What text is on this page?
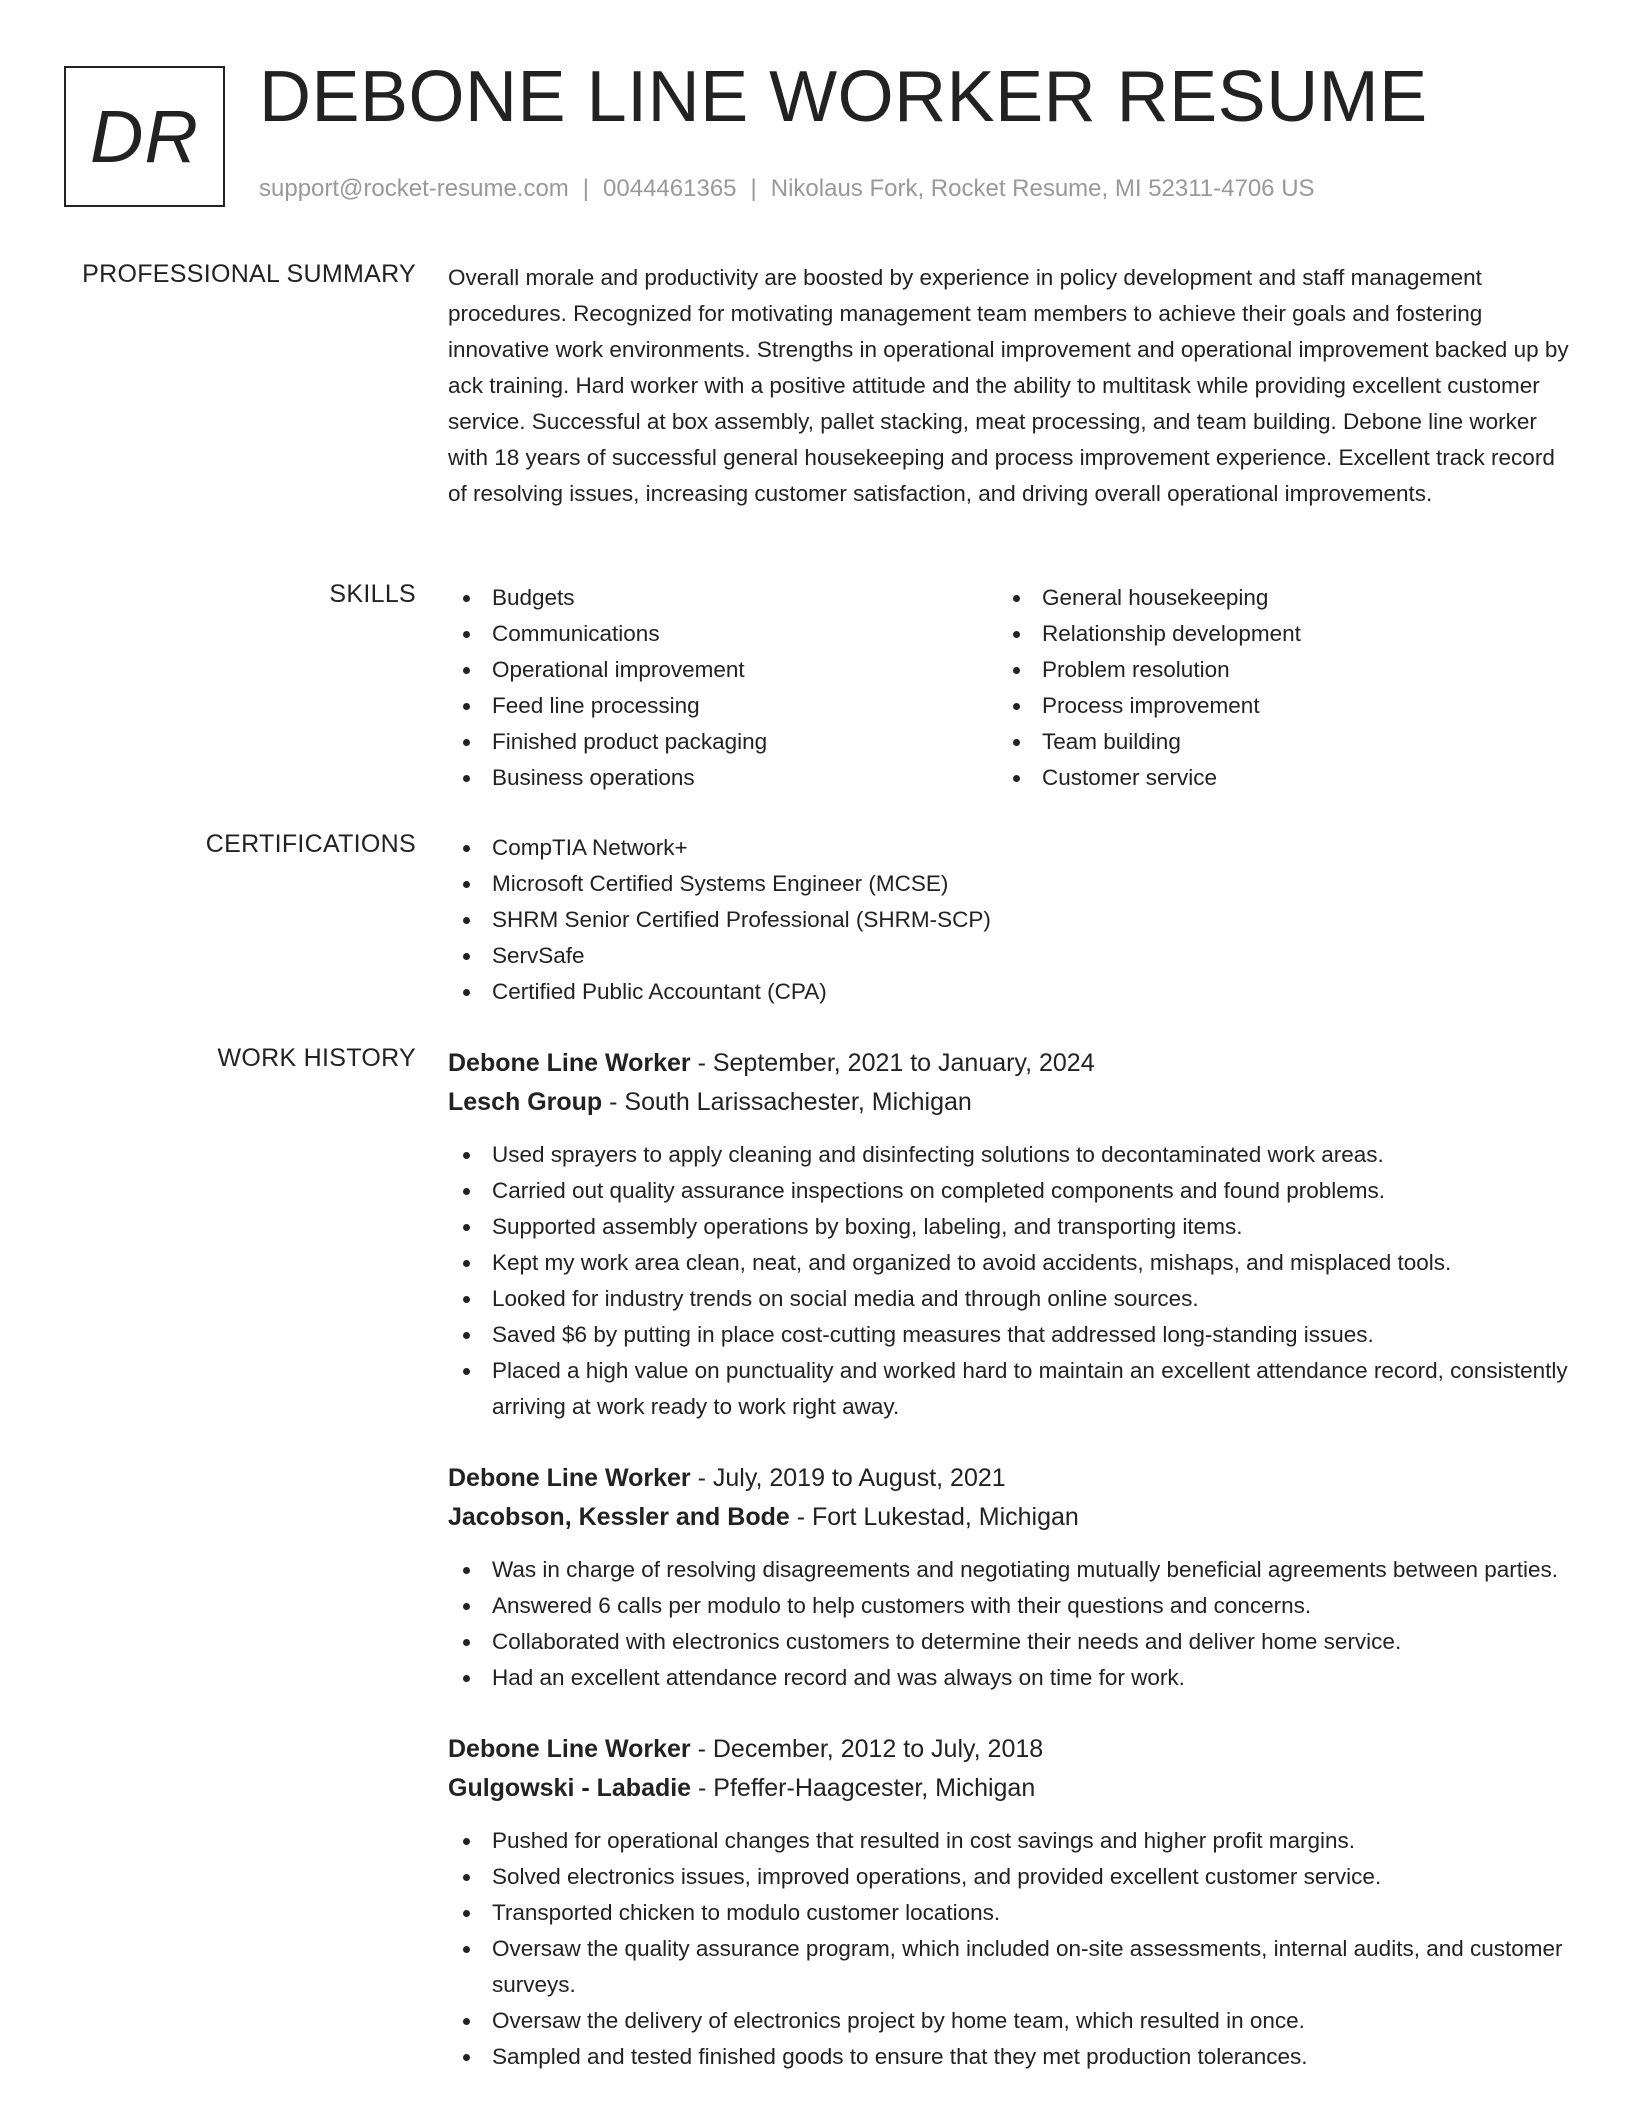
DR DEBONE LINE WORKER RESUME
support@rocket-resume.com | 0044461365 | Nikolaus Fork, Rocket Resume, MI 52311-4706 US
PROFESSIONAL SUMMARY Overall morale and productivity are boosted by experience in policy development and staff management procedures. Recognized for motivating management team members to achieve their goals and fostering innovative work environments. Strengths in operational improvement and operational improvement backed up by ack training. Hard worker with a positive attitude and the ability to multitask while providing excellent customer service. Successful at box assembly, pallet stacking, meat processing, and team building. Debone line worker with 18 years of successful general housekeeping and process improvement experience. Excellent track record of resolving issues, increasing customer satisfaction, and driving overall operational improvements.

SKILLS	Budgets
Communications
Operational improvement
Feed line processing
Finished product packaging
Business operations
General housekeeping
Relationship development
Problem resolution
Process improvement
Team building
Customer service
CERTIFICATIONS	CompTIA Network+
Microsoft Certified Systems Engineer (MCSE)
SHRM Senior Certified Professional (SHRM-SCP)
ServSafe
Certified Public Accountant (CPA)
WORK HISTORY Debone Line Worker - September, 2021 to January, 2024
Lesch Group - South Larissachester, Michigan
Used sprayers to apply cleaning and disinfecting solutions to decontaminated work areas.
Carried out quality assurance inspections on completed components and found problems.
Supported assembly operations by boxing, labeling, and transporting items.
Kept my work area clean, neat, and organized to avoid accidents, mishaps, and misplaced tools.
Looked for industry trends on social media and through online sources.
Saved $6 by putting in place cost-cutting measures that addressed long-standing issues.
Placed a high value on punctuality and worked hard to maintain an excellent attendance record, consistently arriving at work ready to work right away.
Debone Line Worker - July, 2019 to August, 2021
Jacobson, Kessler and Bode - Fort Lukestad, Michigan
Was in charge of resolving disagreements and negotiating mutually beneficial agreements between parties.
Answered 6 calls per modulo to help customers with their questions and concerns.
Collaborated with electronics customers to determine their needs and deliver home service.
Had an excellent attendance record and was always on time for work.
Debone Line Worker - December, 2012 to July, 2018
Gulgowski - Labadie - Pfeffer-Haagcester, Michigan
Pushed for operational changes that resulted in cost savings and higher profit margins.
Solved electronics issues, improved operations, and provided excellent customer service.
Transported chicken to modulo customer locations.
Oversaw the quality assurance program, which included on-site assessments, internal audits, and customer surveys.
Oversaw the delivery of electronics project by home team, which resulted in once.
Sampled and tested finished goods to ensure that they met production tolerances.
